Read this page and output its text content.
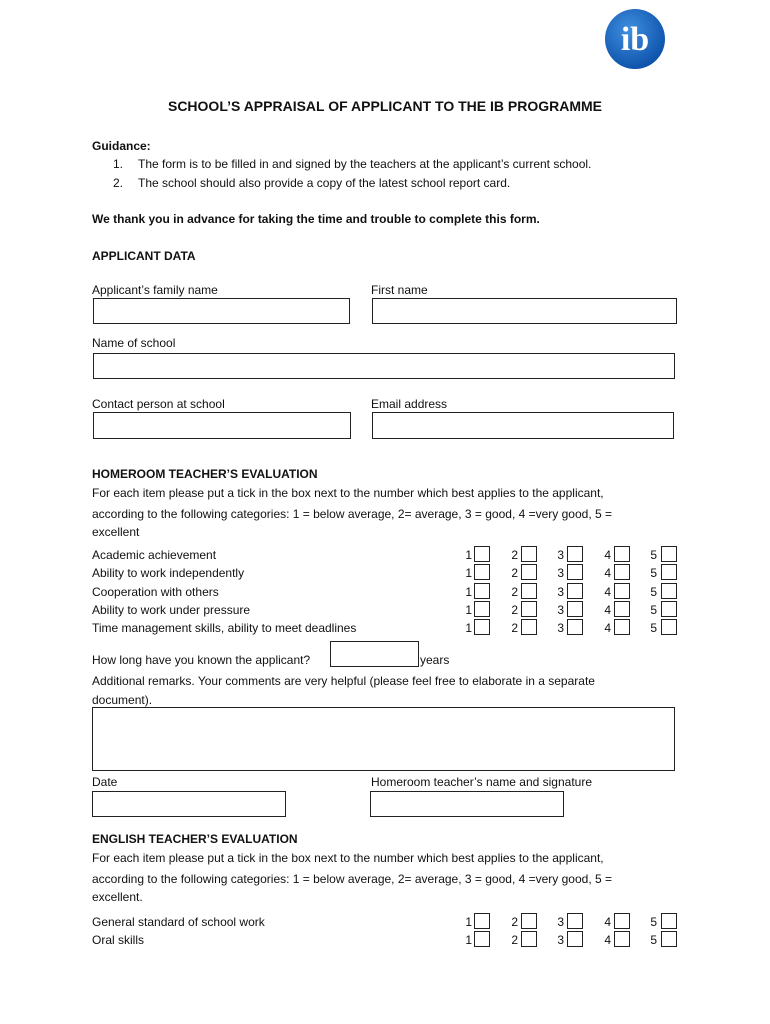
ib
SCHOOL’S APPRAISAL OF APPLICANT TO THE IB PROGRAMME
Guidance:
1. The form is to be filled in and signed by the teachers at the applicant’s current school.
2. The school should also provide a copy of the latest school report card.
We thank you in advance for taking the time and trouble to complete this form.
APPLICANT DATA
Applicant’s family name	First name
Name of school
Contact person at school	Email address
HOMEROOM TEACHER’S EVALUATION
For each item please put a tick in the box next to the number which best applies to the applicant,
according to the following categories: 1 = below average, 2= average, 3 = good, 4 =very good, 5 =
excellent
Academic achievement	1	2	3	4	5
Ability to work independently	1	2	3	4	5
Cooperation with others	1	2	3	4	5
Ability to work under pressure	1	2	3	4	5
Time management skills, ability to meet deadlines	1	2	3	4	5
How long have you known the applicant?	years
Additional remarks. Your comments are very helpful (please feel free to elaborate in a separate
document).
Date	Homeroom teacher’s name and signature
ENGLISH TEACHER’S EVALUATION
For each item please put a tick in the box next to the number which best applies to the applicant,
according to the following categories: 1 = below average, 2= average, 3 = good, 4 =very good, 5 =
excellent.
General standard of school work	1	2	3	4	5
Oral skills	1	2	3	4	5
